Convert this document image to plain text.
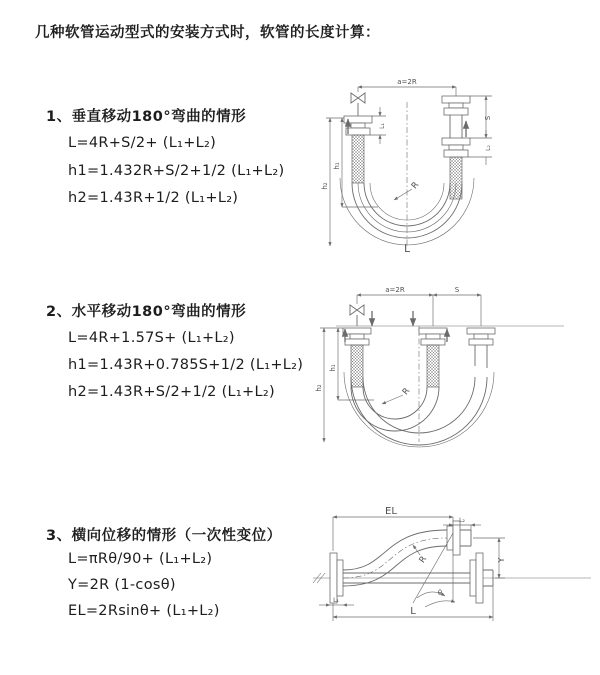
几种软管运动型式的安装方式时，软管的长度计算：
1、垂直移动180°弯曲的情形
L=4R+S/2+ (L₁+L₂)
h1=1.432R+S/2+1/2 (L₁+L₂)
h2=1.43R+1/2 (L₁+L₂)
2、水平移动180°弯曲的情形
L=4R+1.57S+ (L₁+L₂)
h1=1.43R+0.785S+1/2 (L₁+L₂)
h2=1.43R+S/2+1/2 (L₁+L₂)
3、横向位移的情形（一次性变位）
L=πRθ/90+ (L₁+L₂)
Y=2R (1-cosθ)
EL=2Rsinθ+ (L₁+L₂)
a=2R
h₂
h₁
L₁
S
L₂
R
L
a=2R	S
h₂
h₁
R
θ
EL
L₂
Y
L
L₁
R
